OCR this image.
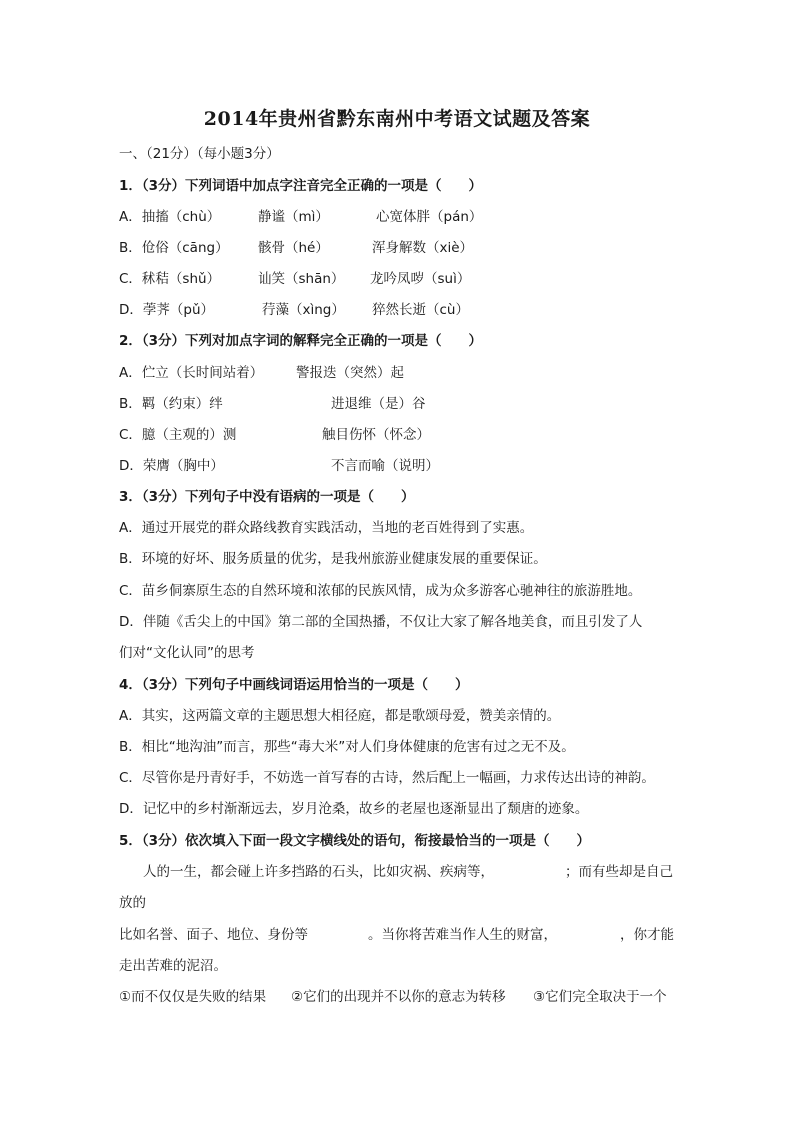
2014年贵州省黔东南州中考语文试题及答案
一、（21分）（每小题3分）
1．（3分）下列词语中加点字注音完全正确的一项是（　　）
A．抽搐（chù）	静谧（mì）	心宽体胖（pán）
B．伧俗（cāng） 骸骨（hé）	浑身解数（xiè）
C．秫秸（shǔ）	讪笑（shān） 龙吟凤哕（suì）
D．荸荠（pǔ）	荇藻（xìng） 猝然长逝（cù）
2．（3分）下列对加点字词的解释完全正确的一项是（　　）
A．伫立（长时间站着） 警报迭（突然）起
B．羁（约束）绊	进退维（是）谷
C．臆（主观的）测	触目伤怀（怀念）
D．荣膺（胸中）	不言而喻（说明）
3．（3分）下列句子中没有语病的一项是（　　）
A．通过开展党的群众路线教育实践活动，当地的老百姓得到了实惠。
B．环境的好坏、服务质量的优劣，是我州旅游业健康发展的重要保证。
C．苗乡侗寨原生态的自然环境和浓郁的民族风情，成为众多游客心驰神往的旅游胜地。
D．伴随《舌尖上的中国》第二部的全国热播，不仅让大家了解各地美食，而且引发了人
们对“文化认同”的思考
4．（3分）下列句子中画线词语运用恰当的一项是（　　）
A．其实，这两篇文章的主题思想大相径庭，都是歌颂母爱，赞美亲情的。
B．相比“地沟油”而言，那些“毒大米”对人们身体健康的危害有过之无不及。
C．尽管你是丹青好手，不妨选一首写春的古诗，然后配上一幅画，力求传达出诗的神韵。
D．记忆中的乡村渐渐远去，岁月沧桑，故乡的老屋也逐渐显出了颓唐的迹象。
5．（3分）依次填入下面一段文字横线处的语句，衔接最恰当的一项是（　　）
人的一生，都会碰上许多挡路的石头，比如灾祸、疾病等，	；而有些却是自己
放的
比如名誉、面子、地位、身份等	。当你将苦难当作人生的财富，	，你才能
走出苦难的泥沼。
①而不仅仅是失败的结果 ②它们的出现并不以你的意志为转移 ③它们完全取决于一个
